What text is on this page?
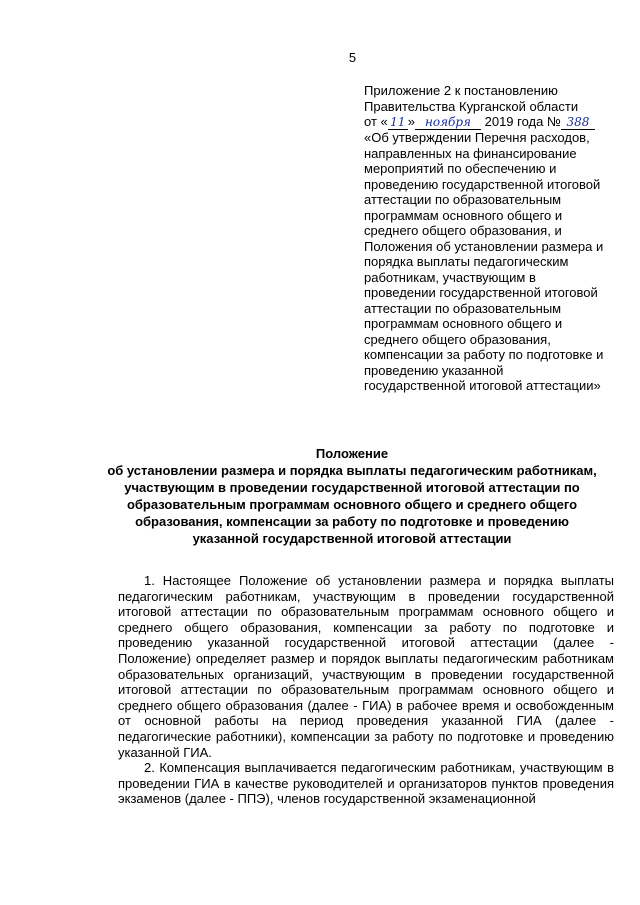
5
Приложение 2 к постановлению
Правительства Курганской области
от « 11 » ноября 2019 года № 388
«Об утверждении Перечня расходов,
направленных на финансирование
мероприятий по обеспечению и
проведению государственной итоговой
аттестации по образовательным
программам основного общего и
среднего общего образования, и
Положения об установлении размера и
порядка выплаты педагогическим
работникам, участвующим в
проведении государственной итоговой
аттестации по образовательным
программам основного общего и
среднего общего образования,
компенсации за работу по подготовке и
проведению указанной
государственной итоговой аттестации»
Положение
об установлении размера и порядка выплаты педагогическим работникам,
участвующим в проведении государственной итоговой аттестации по
образовательным программам основного общего и среднего общего
образования, компенсации за работу по подготовке и проведению
указанной государственной итоговой аттестации

1. Настоящее Положение об установлении размера и порядка выплаты педагогическим работникам, участвующим в проведении государственной итоговой аттестации по образовательным программам основного общего и среднего общего образования, компенсации за работу по подготовке и проведению указанной государственной итоговой аттестации (далее - Положение) определяет размер и порядок выплаты педагогическим работникам образовательных организаций, участвующим в проведении государственной итоговой аттестации по образовательным программам основного общего и среднего общего образования (далее - ГИА) в рабочее время и освобожденным от основной работы на период проведения указанной ГИА (далее - педагогические работники), компенсации за работу по подготовке и проведению указанной ГИА.

2. Компенсация выплачивается педагогическим работникам, участвующим в проведении ГИА в качестве руководителей и организаторов пунктов проведения экзаменов (далее - ППЭ), членов государственной экзаменационной
